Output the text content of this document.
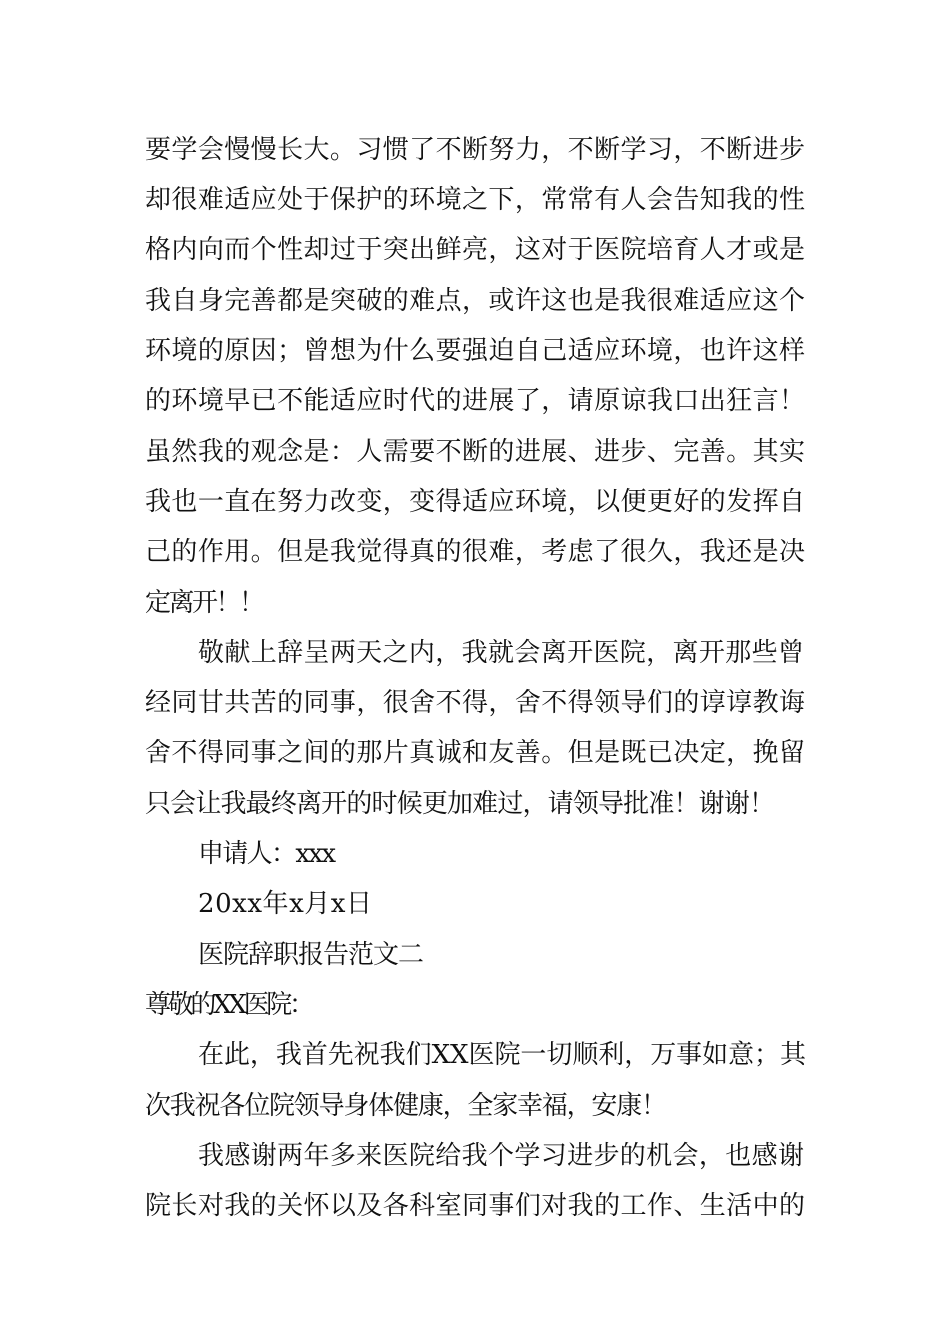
要学会慢慢长大。习惯了不断努力，不断学习，不断进步
却很难适应处于保护的环境之下，常常有人会告知我的性
格内向而个性却过于突出鲜亮，这对于医院培育人才或是
我自身完善都是突破的难点，或许这也是我很难适应这个
环境的原因；曾想为什么要强迫自己适应环境，也许这样
的环境早已不能适应时代的进展了，请原谅我口出狂言！
虽然我的观念是：人需要不断的进展、进步、完善。其实
我也一直在努力改变，变得适应环境，以便更好的发挥自
己的作用。但是我觉得真的很难，考虑了很久，我还是决
定离开！！
敬献上辞呈两天之内，我就会离开医院，离开那些曾
经同甘共苦的同事，很舍不得，舍不得领导们的谆谆教诲
舍不得同事之间的那片真诚和友善。但是既已决定，挽留
只会让我最终离开的时候更加难过，请领导批准！谢谢！
申请人：xxx
20xx年x月x日
医院辞职报告范文二
尊敬的XX医院：
在此，我首先祝我们XX医院一切顺利，万事如意；其
次我祝各位院领导身体健康，全家幸福，安康！
我感谢两年多来医院给我个学习进步的机会，也感谢
院长对我的关怀以及各科室同事们对我的工作、生活中的
